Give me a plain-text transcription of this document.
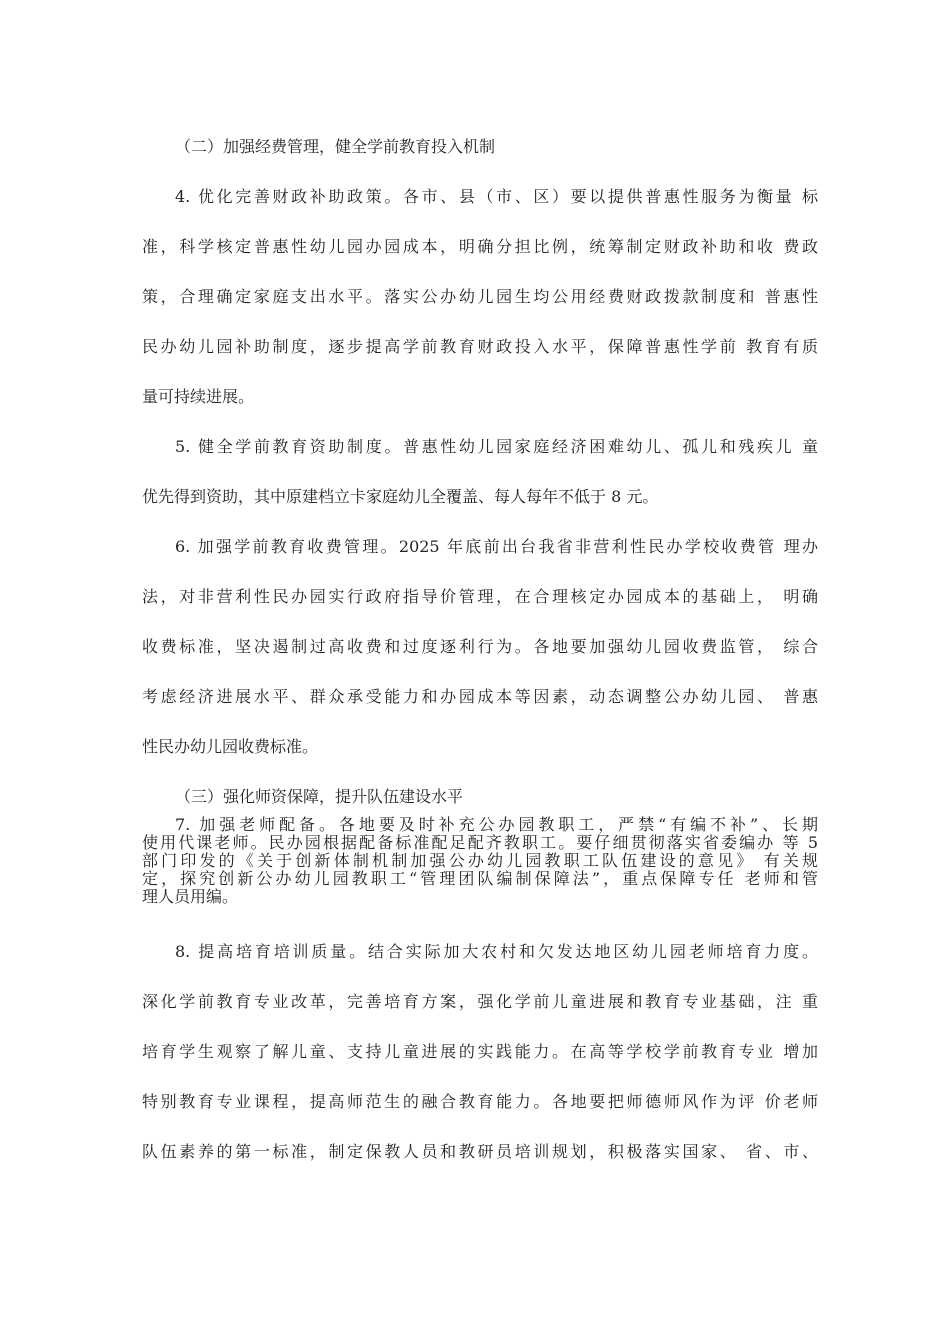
（二）加强经费管理，健全学前教育投入机制
4. 优化完善财政补助政策。各市、县（市、区）要以提供普惠性服务为衡量 标
准，科学核定普惠性幼儿园办园成本，明确分担比例，统筹制定财政补助和收 费政
策，合理确定家庭支出水平。落实公办幼儿园生均公用经费财政拨款制度和 普惠性
民办幼儿园补助制度，逐步提高学前教育财政投入水平，保障普惠性学前 教育有质
量可持续进展。
5. 健全学前教育资助制度。普惠性幼儿园家庭经济困难幼儿、孤儿和残疾儿 童
优先得到资助，其中原建档立卡家庭幼儿全覆盖、每人每年不低于 8 元。
6. 加强学前教育收费管理。2025 年底前出台我省非营利性民办学校收费管 理办
法，对非营利性民办园实行政府指导价管理，在合理核定办园成本的基础上， 明确
收费标准，坚决遏制过高收费和过度逐利行为。各地要加强幼儿园收费监管， 综合
考虑经济进展水平、群众承受能力和办园成本等因素，动态调整公办幼儿园、 普惠
性民办幼儿园收费标准。
（三）强化师资保障，提升队伍建设水平
7. 加强老师配备。各地要及时补充公办园教职工，严禁“有编不补”、长期
使用代课老师。民办园根据配备标准配足配齐教职工。要仔细贯彻落实省委编办 等 5
部门印发的《关于创新体制机制加强公办幼儿园教职工队伍建设的意见》 有关规
定，探究创新公办幼儿园教职工“管理团队编制保障法”，重点保障专任 老师和管
理人员用编。
8. 提高培育培训质量。结合实际加大农村和欠发达地区幼儿园老师培育力度。
深化学前教育专业改革，完善培育方案，强化学前儿童进展和教育专业基础，注 重
培育学生观察了解儿童、支持儿童进展的实践能力。在高等学校学前教育专业 增加
特别教育专业课程，提高师范生的融合教育能力。各地要把师德师风作为评 价老师
队伍素养的第一标准，制定保教人员和教研员培训规划，积极落实国家、 省、市、
